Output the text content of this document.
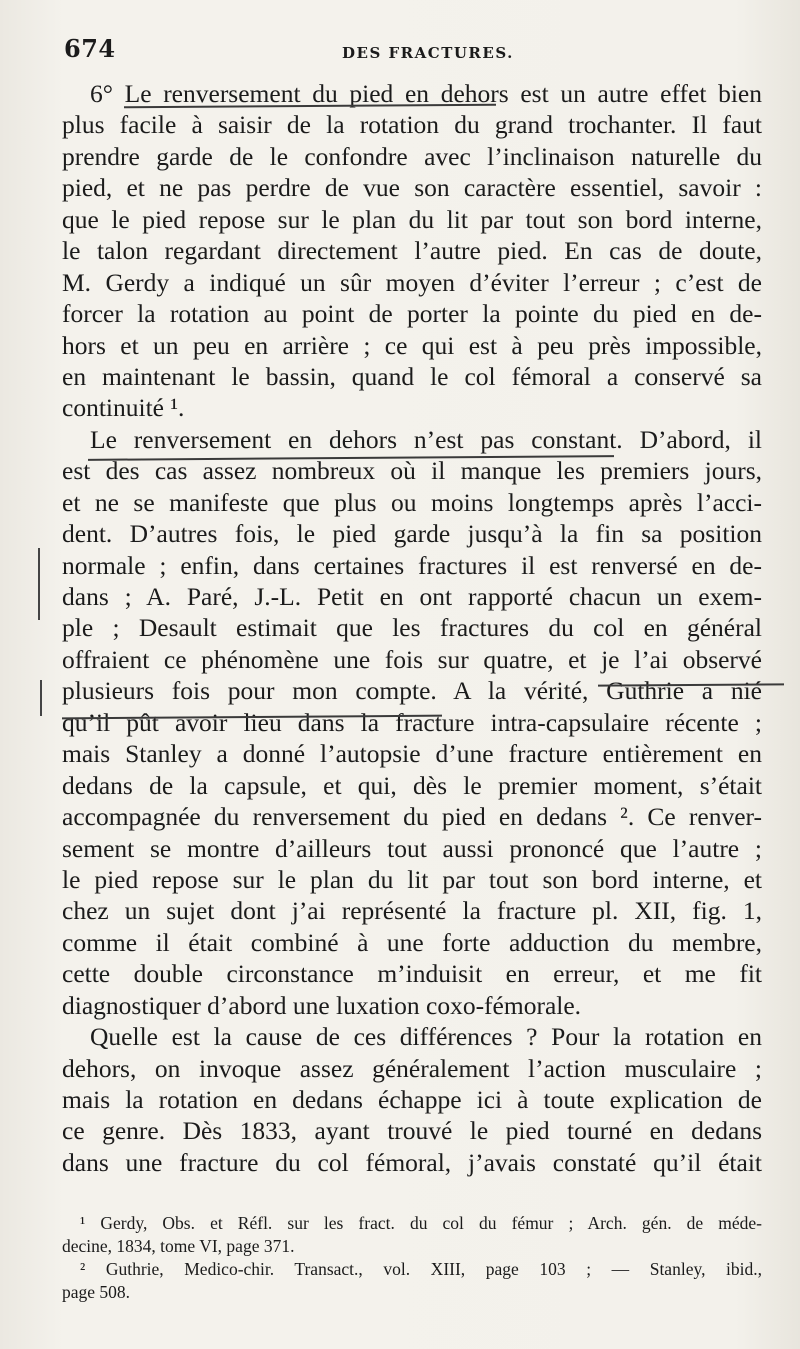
674	DES FRACTURES.
6° Le renversement du pied en dehors est un autre effet bien
plus facile à saisir de la rotation du grand trochanter. Il faut
prendre garde de le confondre avec l’inclinaison naturelle du
pied, et ne pas perdre de vue son caractère essentiel, savoir :
que le pied repose sur le plan du lit par tout son bord interne,
le talon regardant directement l’autre pied. En cas de doute,
M. Gerdy a indiqué un sûr moyen d’éviter l’erreur ; c’est de
forcer la rotation au point de porter la pointe du pied en de-
hors et un peu en arrière ; ce qui est à peu près impossible,
en maintenant le bassin, quand le col fémoral a conservé sa
continuité ¹.
Le renversement en dehors n’est pas constant. D’abord, il
est des cas assez nombreux où il manque les premiers jours,
et ne se manifeste que plus ou moins longtemps après l’acci-
dent. D’autres fois, le pied garde jusqu’à la fin sa position
normale ; enfin, dans certaines fractures il est renversé en de-
dans ; A. Paré, J.-L. Petit en ont rapporté chacun un exem-
ple ; Desault estimait que les fractures du col en général
offraient ce phénomène une fois sur quatre, et je l’ai observé
plusieurs fois pour mon compte. A la vérité, Guthrie a nié
qu’il pût avoir lieu dans la fracture intra-capsulaire récente ;
mais Stanley a donné l’autopsie d’une fracture entièrement en
dedans de la capsule, et qui, dès le premier moment, s’était
accompagnée du renversement du pied en dedans ². Ce renver-
sement se montre d’ailleurs tout aussi prononcé que l’autre ;
le pied repose sur le plan du lit par tout son bord interne, et
chez un sujet dont j’ai représenté la fracture pl. XII, fig. 1,
comme il était combiné à une forte adduction du membre,
cette double circonstance m’induisit en erreur, et me fit
diagnostiquer d’abord une luxation coxo-fémorale.
Quelle est la cause de ces différences ? Pour la rotation en
dehors, on invoque assez généralement l’action musculaire ;
mais la rotation en dedans échappe ici à toute explication de
ce genre. Dès 1833, ayant trouvé le pied tourné en dedans
dans une fracture du col fémoral, j’avais constaté qu’il était
¹ Gerdy, Obs. et Réfl. sur les fract. du col du fémur ; Arch. gén. de méde-
decine, 1834, tome VI, page 371.
² Guthrie, Medico-chir. Transact., vol. XIII, page 103 ; — Stanley, ibid.,
page 508.
